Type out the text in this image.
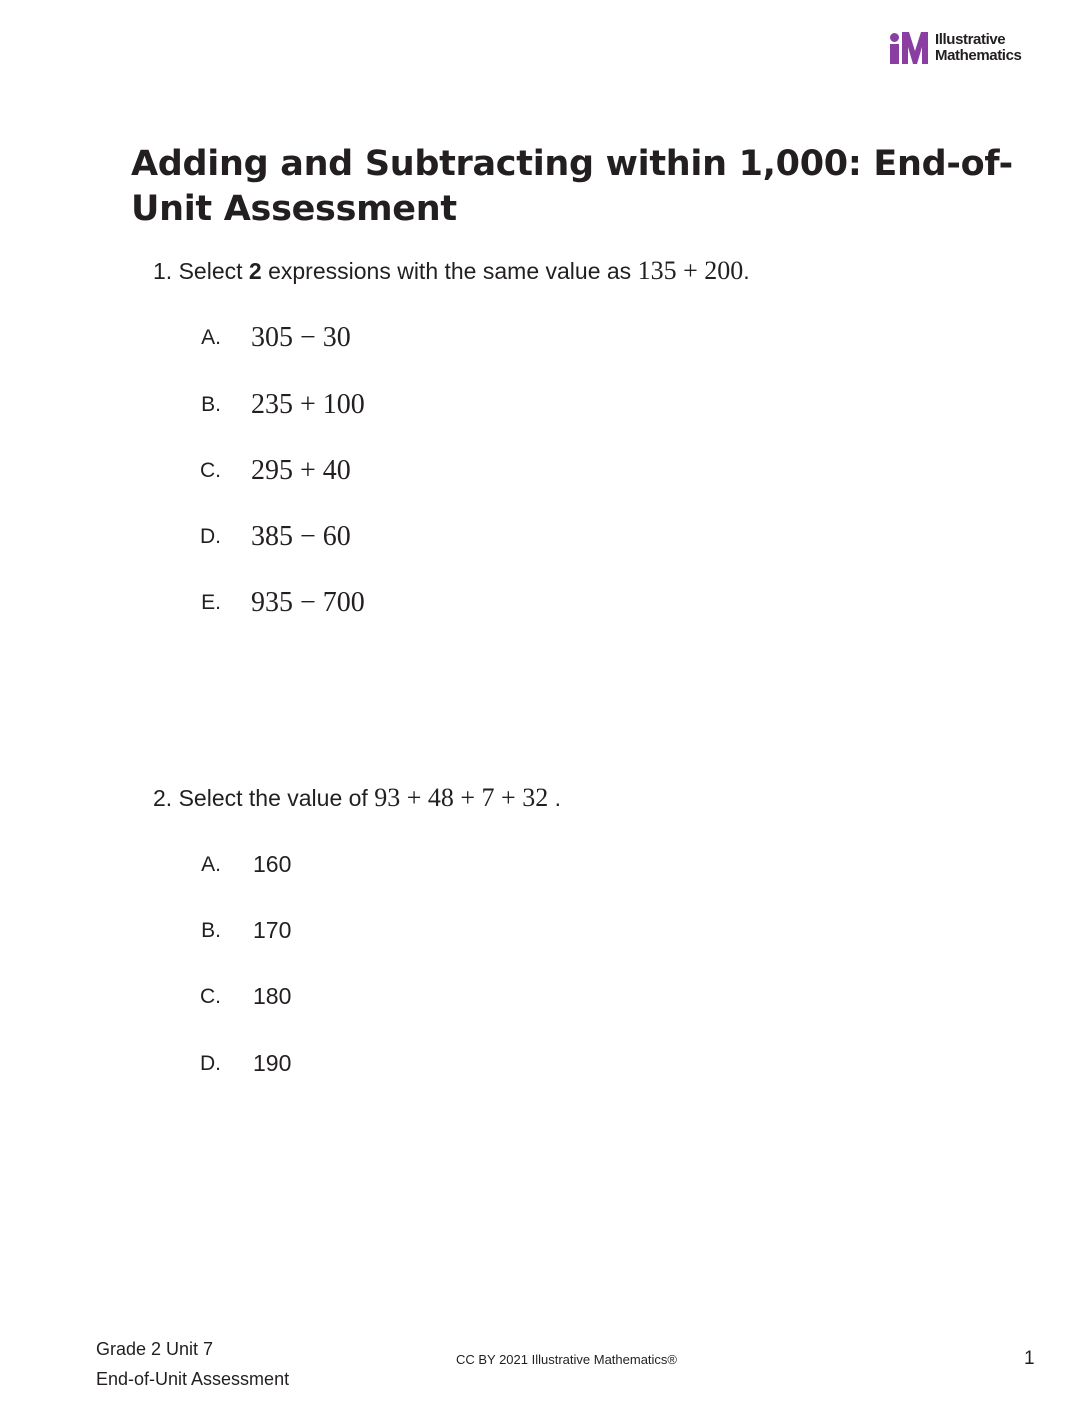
Illustrative
Mathematics
Adding and Subtracting within 1,000: End-of-Unit Assessment
1. Select 2 expressions with the same value as 135 + 200.
A. 305 − 30
B. 235 + 100
C. 295 + 40
D. 385 − 60
E. 935 − 700
2. Select the value of 93 + 48 + 7 + 32 .
A. 160
B. 170
C. 180
D. 190
Grade 2 Unit 7
End-of-Unit Assessment
CC BY 2021 Illustrative Mathematics®	1
